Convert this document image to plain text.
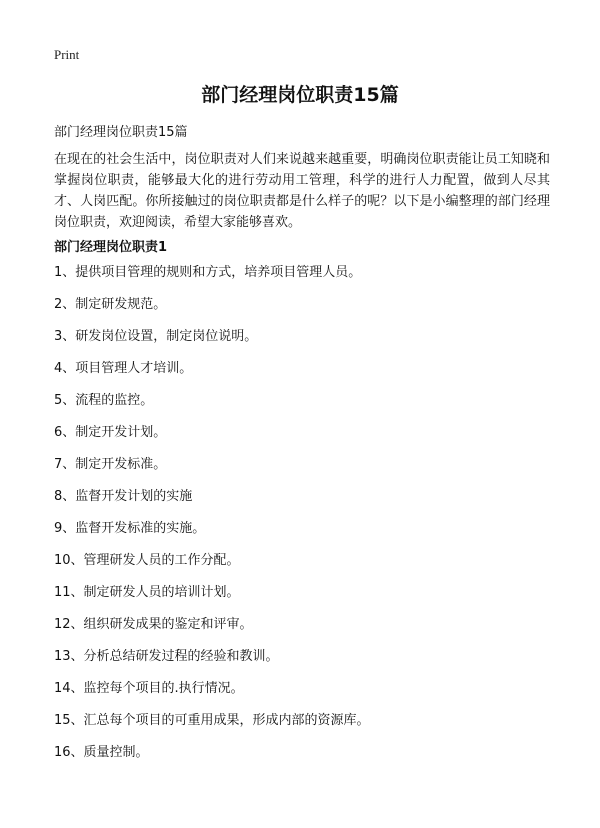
Print
部门经理岗位职责15篇
部门经理岗位职责15篇
在现在的社会生活中，岗位职责对人们来说越来越重要，明确岗位职责能让员工知晓和掌握岗位职责，能够最大化的进行劳动用工管理，科学的进行人力配置，做到人尽其才、人岗匹配。你所接触过的岗位职责都是什么样子的呢？以下是小编整理的部门经理岗位职责，欢迎阅读，希望大家能够喜欢。
部门经理岗位职责1
1、提供项目管理的规则和方式，培养项目管理人员。
2、制定研发规范。
3、研发岗位设置，制定岗位说明。
4、项目管理人才培训。
5、流程的监控。
6、制定开发计划。
7、制定开发标准。
8、监督开发计划的实施
9、监督开发标准的实施。
10、管理研发人员的工作分配。
11、制定研发人员的培训计划。
12、组织研发成果的鉴定和评审。
13、分析总结研发过程的经验和教训。
14、监控每个项目的.执行情况。
15、汇总每个项目的可重用成果，形成内部的资源库。
16、质量控制。
